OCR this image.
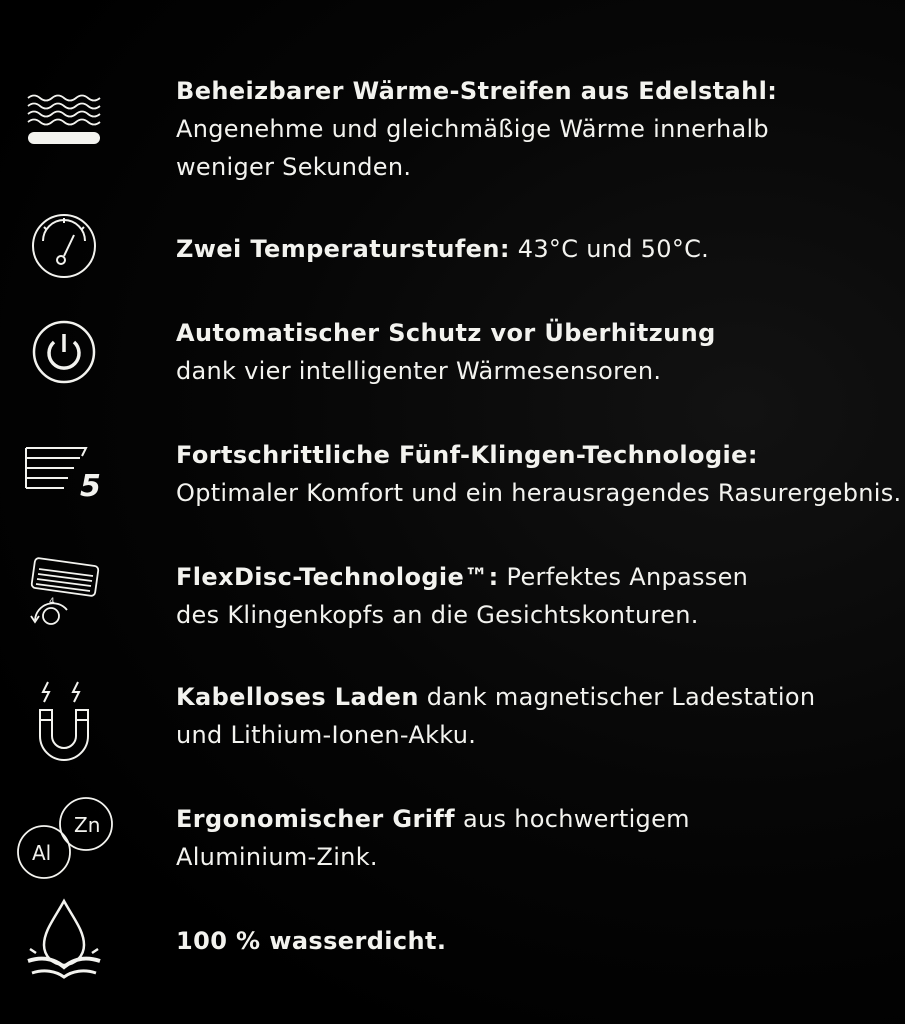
Beheizbarer Wärme-Streifen aus Edelstahl:
Angenehme und gleichmäßige Wärme innerhalb
weniger Sekunden.
Zwei Temperaturstufen: 43°C und 50°C.
Automatischer Schutz vor Überhitzung
dank vier intelligenter Wärmesensoren.
5
Fortschrittliche Fünf-Klingen-Technologie:
Optimaler Komfort und ein herausragendes Rasurergebnis.
4
FlexDisc-Technologie™: Perfektes Anpassen
des Klingenkopfs an die Gesichtskonturen.
Kabelloses Laden dank magnetischer Ladestation
und Lithium-Ionen-Akku.
Al
Zn	Ergonomischer Griff aus hochwertigem
Aluminium-Zink.
100 % wasserdicht.
